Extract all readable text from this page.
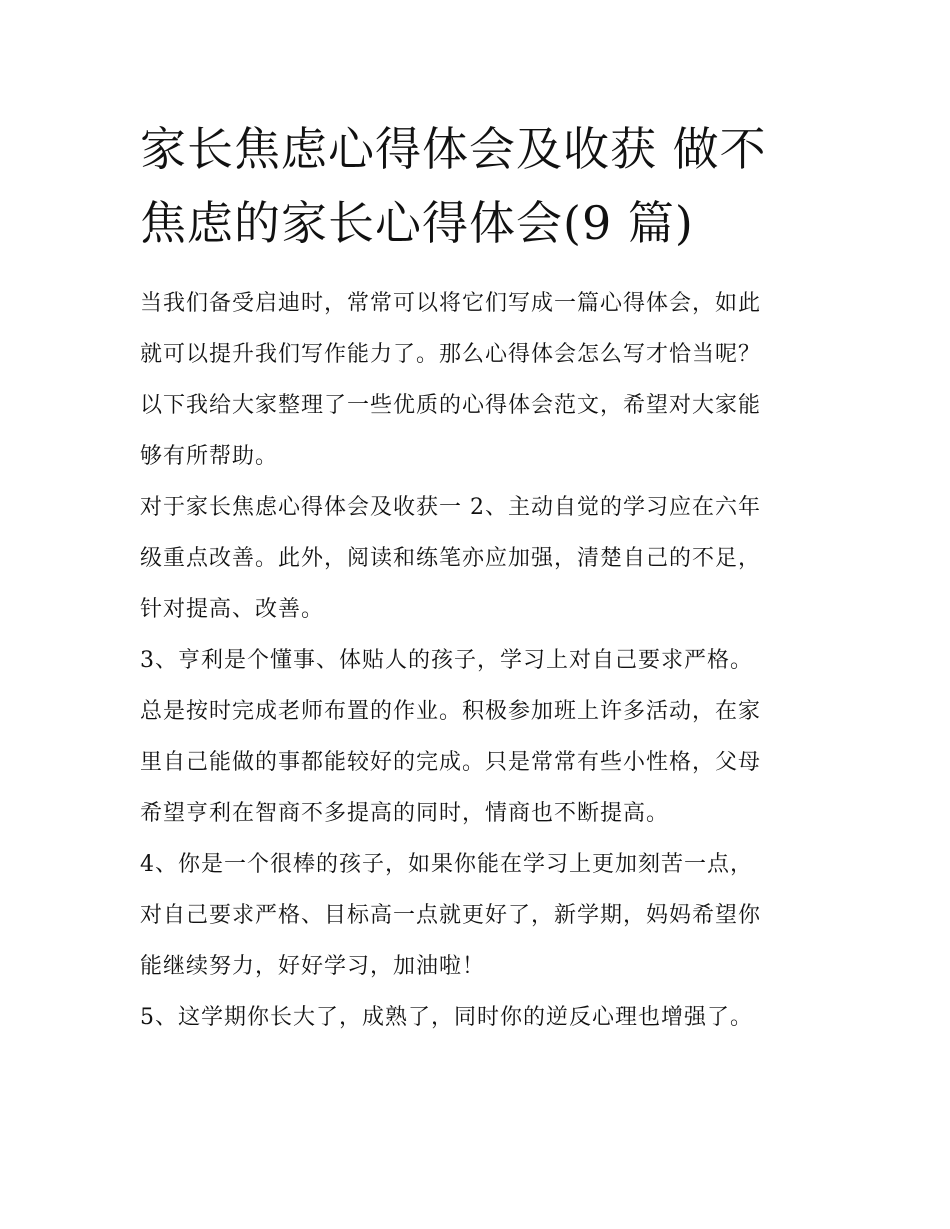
家长焦虑心得体会及收获 做不
焦虑的家长心得体会(9 篇)

当我们备受启迪时，常常可以将它们写成一篇心得体会，如此
就可以提升我们写作能力了。那么心得体会怎么写才恰当呢？
以下我给大家整理了一些优质的心得体会范文，希望对大家能
够有所帮助。

对于家长焦虑心得体会及收获一 2、主动自觉的学习应在六年
级重点改善。此外，阅读和练笔亦应加强，清楚自己的不足，
针对提高、改善。

3、亨利是个懂事、体贴人的孩子，学习上对自己要求严格。
总是按时完成老师布置的作业。积极参加班上许多活动，在家
里自己能做的事都能较好的完成。只是常常有些小性格，父母
希望亨利在智商不多提高的同时，情商也不断提高。

4、你是一个很棒的孩子，如果你能在学习上更加刻苦一点，
对自己要求严格、目标高一点就更好了，新学期，妈妈希望你
能继续努力，好好学习，加油啦！

5、这学期你长大了，成熟了，同时你的逆反心理也增强了。
